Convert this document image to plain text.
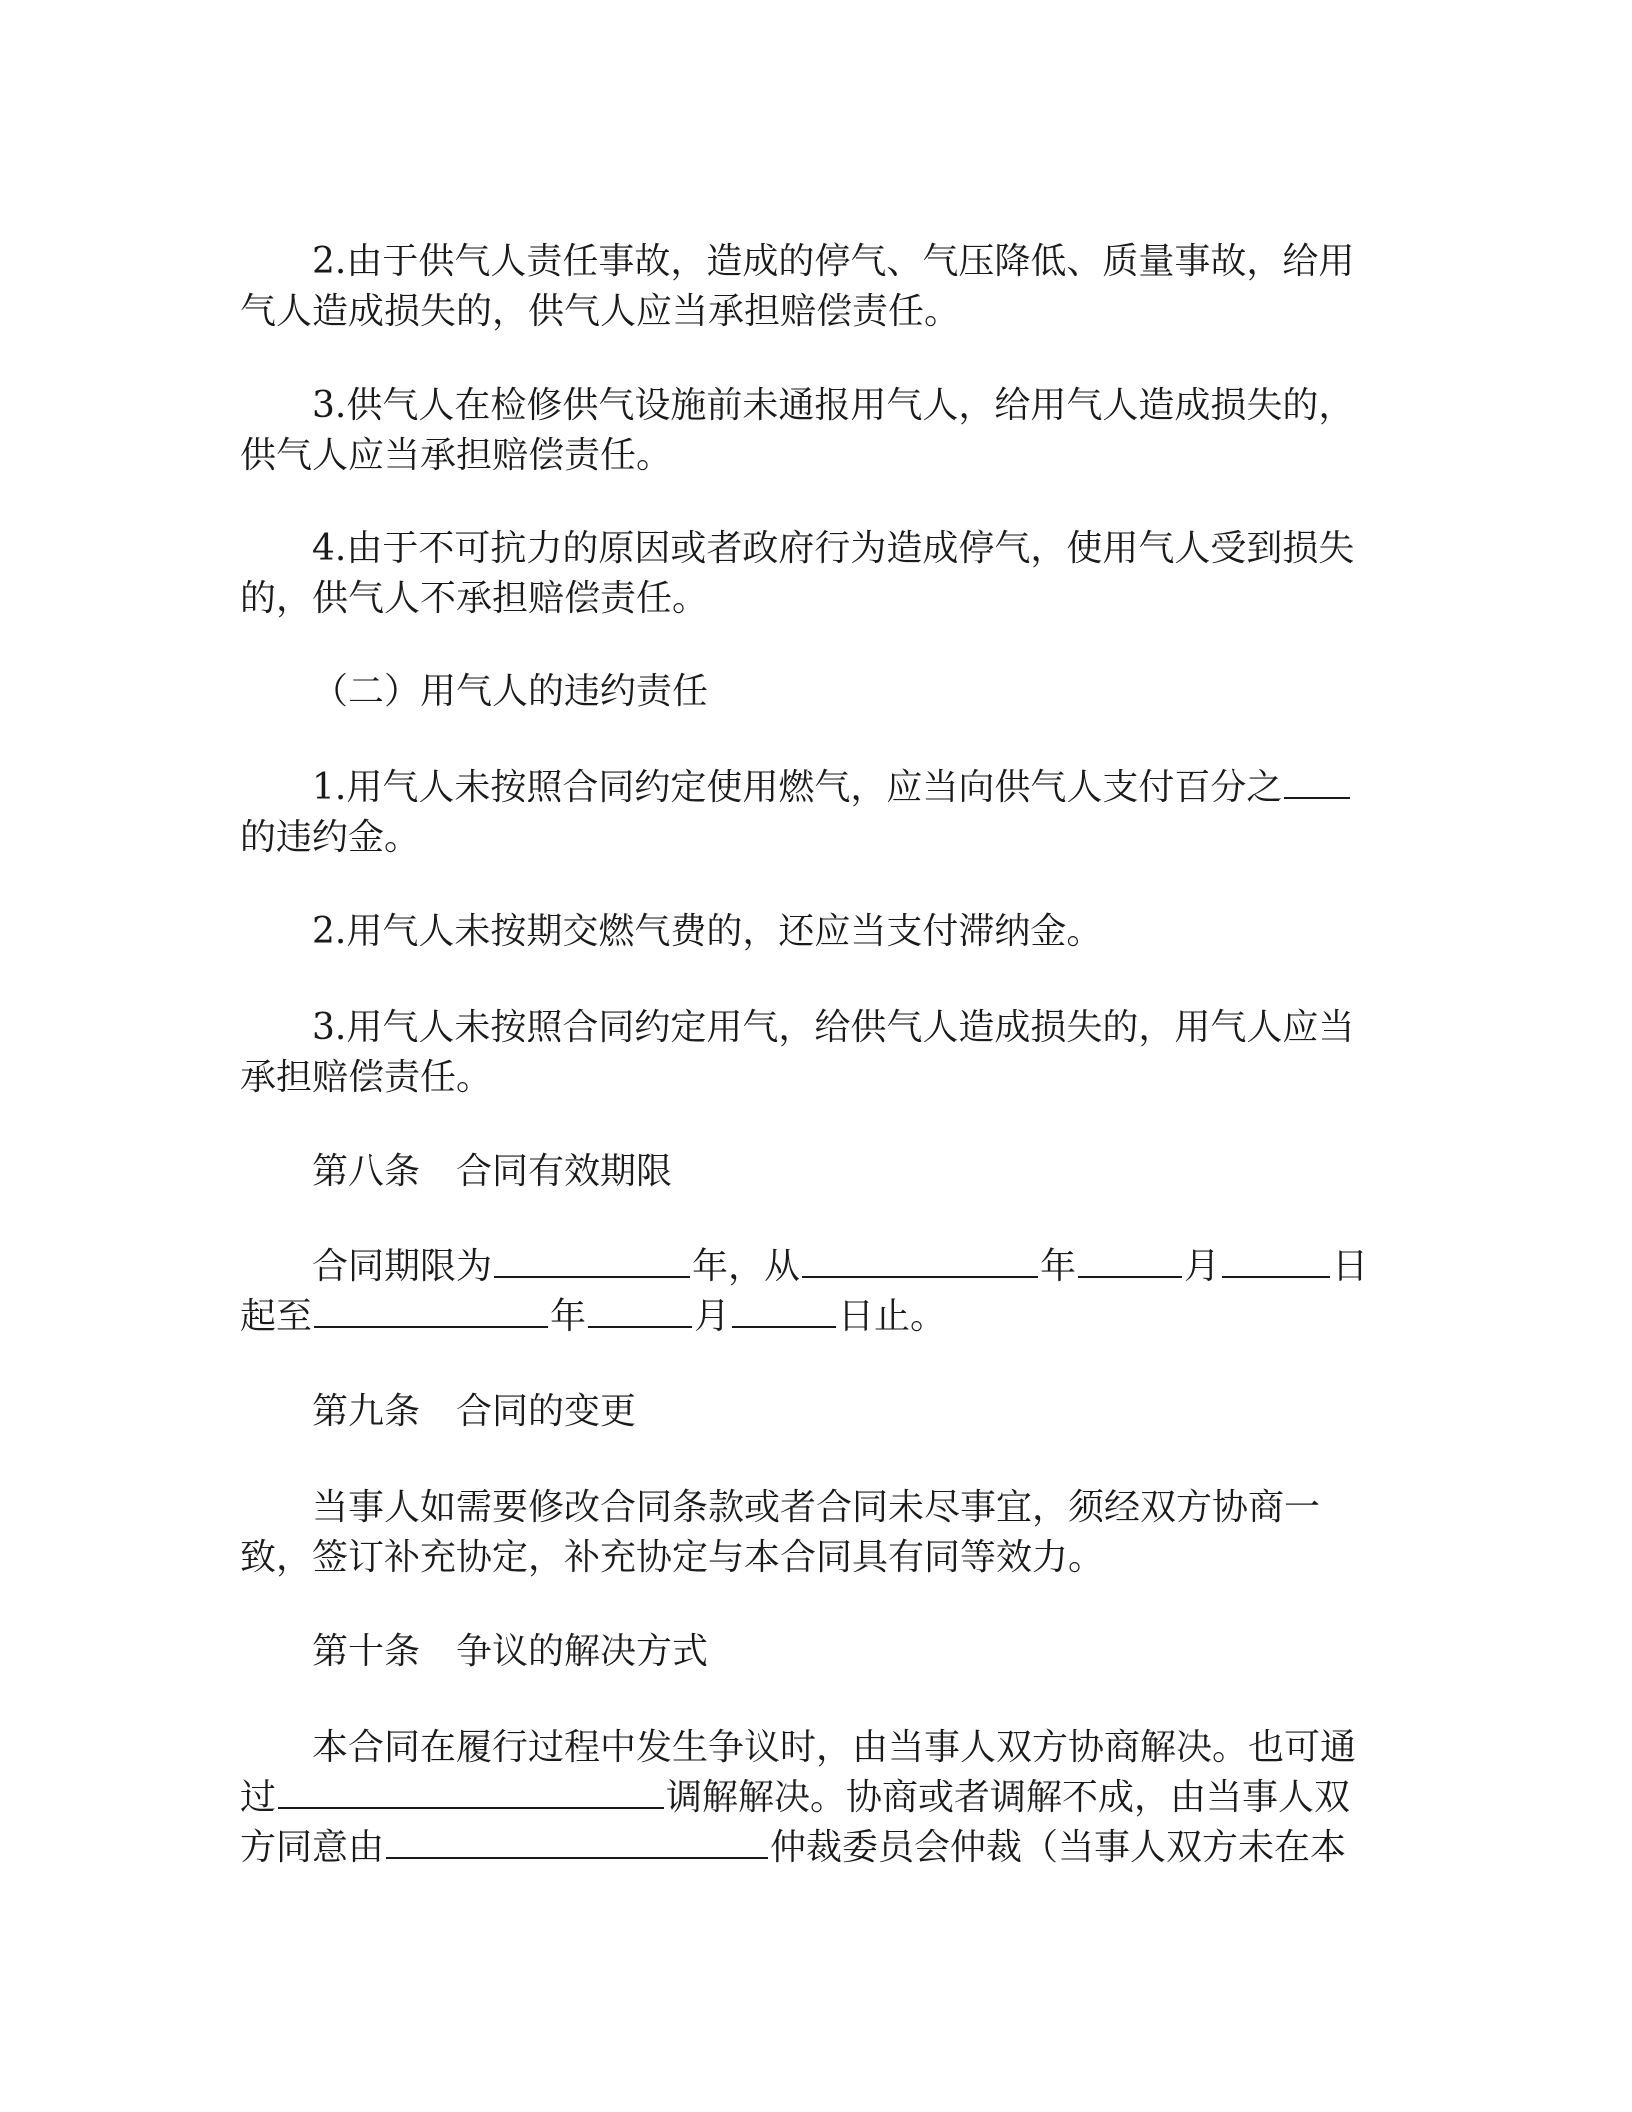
2.由于供气人责任事故，造成的停气、气压降低、质量事故，给用
气人造成损失的，供气人应当承担赔偿责任。
3.供气人在检修供气设施前未通报用气人，给用气人造成损失的，
供气人应当承担赔偿责任。
4.由于不可抗力的原因或者政府行为造成停气，使用气人受到损失
的，供气人不承担赔偿责任。
（二）用气人的违约责任
1.用气人未按照合同约定使用燃气，应当向供气人支付百分之
的违约金。
2.用气人未按期交燃气费的，还应当支付滞纳金。
3.用气人未按照合同约定用气，给供气人造成损失的，用气人应当
承担赔偿责任。
第八条　合同有效期限
合同期限为	年，从	年	月	日
起至	年	月	日止。
第九条　合同的变更
当事人如需要修改合同条款或者合同未尽事宜，须经双方协商一
致，签订补充协定，补充协定与本合同具有同等效力。
第十条　争议的解决方式
本合同在履行过程中发生争议时，由当事人双方协商解决。也可通
过	调解解决。协商或者调解不成，由当事人双
方同意由	仲裁委员会仲裁（当事人双方未在本
